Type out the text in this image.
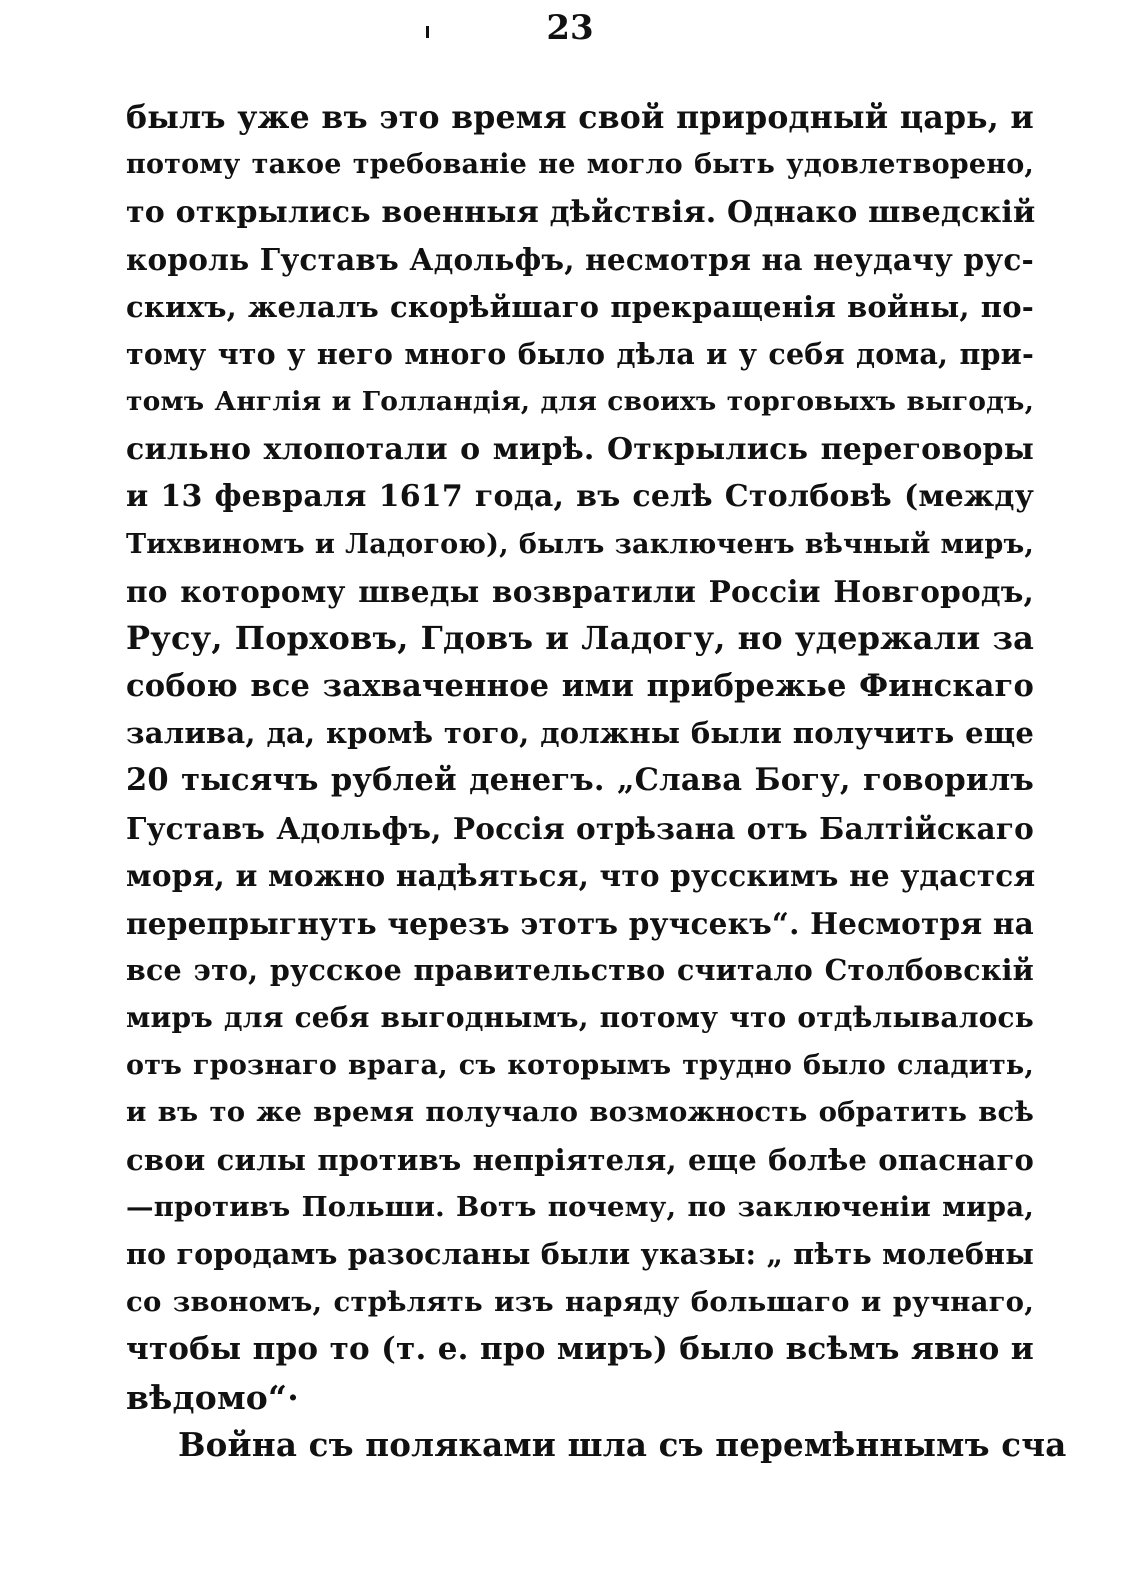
23
былъ уже въ это время свой природный царь, и
потому такое требованіе не могло быть удовлетворено,
то открылись военныя дѣйствія. Однако шведскій
король Густавъ Адольфъ, несмотря на неудачу рус-
скихъ, желалъ скорѣйшаго прекращенія войны, по-
тому что у него много было дѣла и у себя дома, при-
томъ Англія и Голландія, для своихъ торговыхъ выгодъ,
сильно хлопотали о мирѣ. Открылись переговоры
и 13 февраля 1617 года, въ селѣ Столбовѣ (между
Тихвиномъ и Ладогою), былъ заключенъ вѣчный миръ,
по которому шведы возвратили Россіи Новгородъ,
Русу, Порховъ, Гдовъ и Ладогу, но удержали за
собою все захваченное ими прибрежье Финскаго
залива, да, кромѣ того, должны были получить еще
20 тысячъ рублей денегъ. „Слава Богу, говорилъ
Густавъ Адольфъ, Россія отрѣзана отъ Балтійскаго
моря, и можно надѣяться, что русскимъ не удастся
перепрыгнуть черезъ этотъ ручсекъ“. Несмотря на
все это, русское правительство считало Столбовскій
миръ для себя выгоднымъ, потому что отдѣлывалось
отъ грознаго врага, съ которымъ трудно было сладить,
и въ то же время получало возможность обратить всѣ
свои силы противъ непріятеля, еще болѣе опаснаго
—противъ Польши. Вотъ почему, по заключеніи мира,
по городамъ разосланы были указы: „ пѣть молебны
со звономъ, стрѣлять изъ наряду большаго и ручнаго,
чтобы про то (т. е. про миръ) было всѣмъ явно и
вѣдомо“·
Война съ поляками шла съ перемѣннымъ сча
